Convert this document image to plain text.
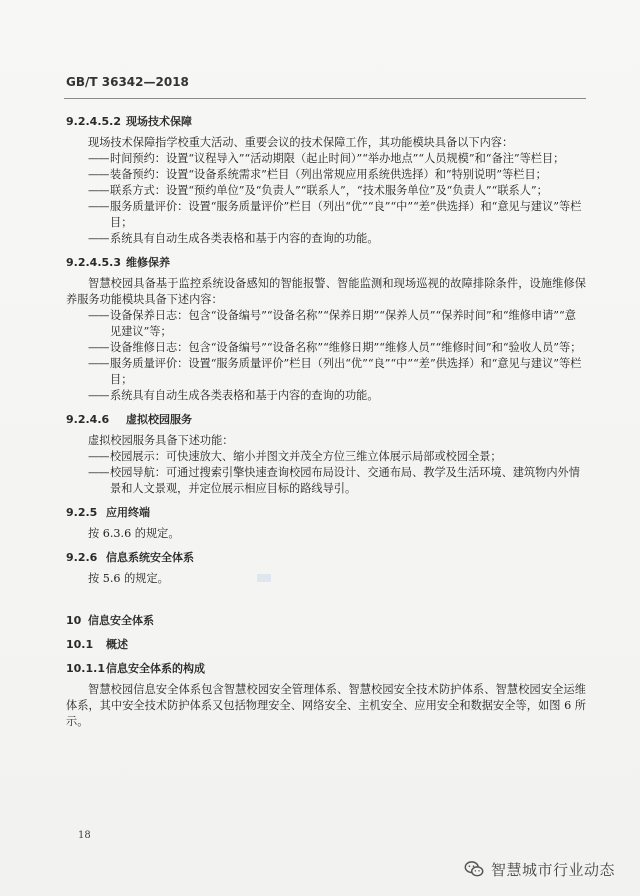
GB/T 36342—2018
9.2.4.5.2 现场技术保障

现场技术保障指学校重大活动、重要会议的技术保障工作，其功能模块具备以下内容：

—— 时间预约：设置“议程导入”“活动期限（起止时间）”“举办地点”“人员规模”和“备注”等栏目；

—— 装备预约：设置“设备系统需求”栏目（列出常规应用系统供选择）和“特别说明”等栏目；

—— 联系方式：设置“预约单位”及“负责人”“联系人”，“技术服务单位”及“负责人”“联系人”；

—— 服务质量评价：设置“服务质量评价”栏目（列出“优”“良”“中”“差”供选择）和“意见与建议”等栏目；

—— 系统具有自动生成各类表格和基于内容的查询的功能。

9.2.4.5.3 维修保养

智慧校园具备基于监控系统设备感知的智能报警、智能监测和现场巡视的故障排除条件，设施维修保养服务功能模块具备下述内容：

—— 设备保养日志：包含“设备编号”“设备名称”“保养日期”“保养人员”“保养时间”和“维修申请”“意见建议”等；

—— 设备维修日志：包含“设备编号”“设备名称”“维修日期”“维修人员”“维修时间”和“验收人员”等；

—— 服务质量评价：设置“服务质量评价”栏目（列出“优”“良”“中”“差”供选择）和“意见与建议”等栏目；

—— 系统具有自动生成各类表格和基于内容的查询的功能。

9.2.4.6 虚拟校园服务

虚拟校园服务具备下述功能：

—— 校园展示：可快速放大、缩小并图文并茂全方位三维立体展示局部或校园全景；

—— 校园导航：可通过搜索引擎快速查询校园布局设计、交通布局、教学及生活环境、建筑物内外情景和人文景观，并定位展示相应目标的路线导引。

9.2.5 应用终端

按 6.3.6 的规定。

9.2.6 信息系统安全体系

按 5.6 的规定。

10 信息安全体系
10.1 概述
10.1.1信息安全体系的构成

智慧校园信息安全体系包含智慧校园安全管理体系、智慧校园安全技术防护体系、智慧校园安全运维体系，其中安全技术防护体系又包括物理安全、网络安全、主机安全、应用安全和数据安全等，如图 6 所示。

18
智慧城市行业动态
